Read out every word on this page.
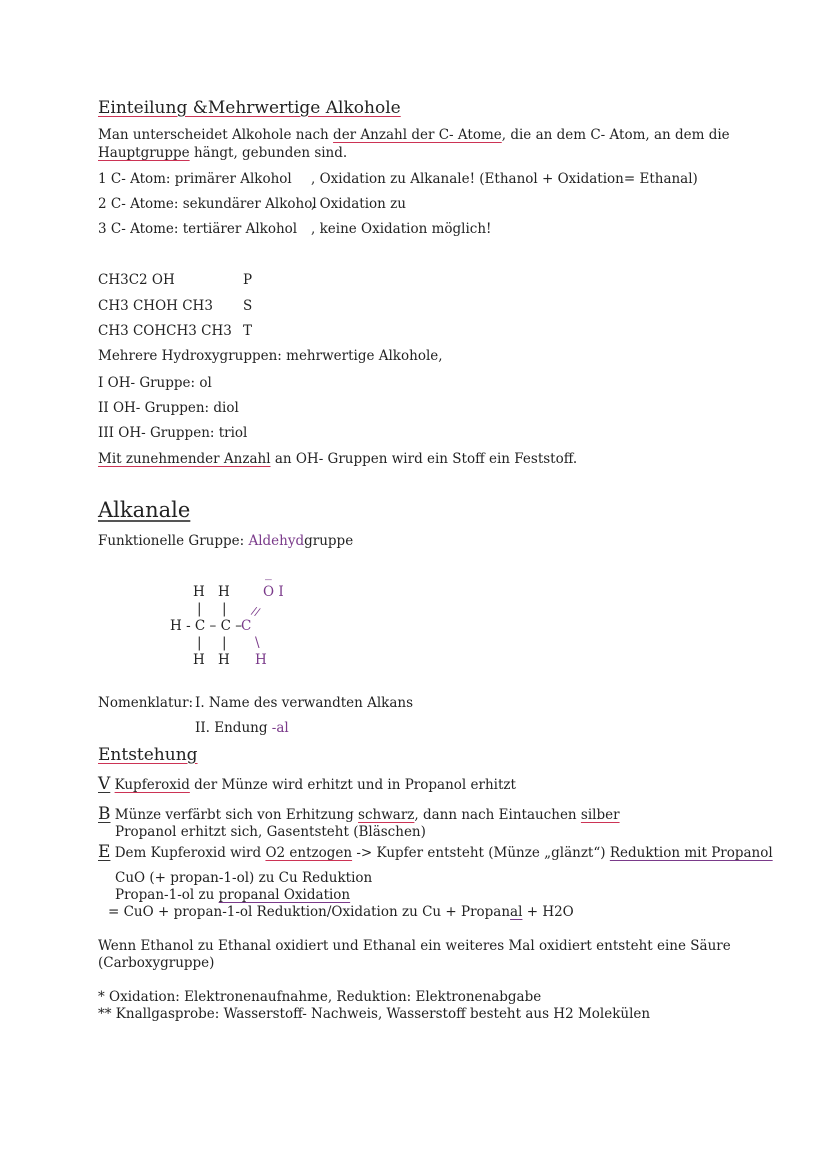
Einteilung &Mehrwertige Alkohole
Man unterscheidet Alkohole nach der Anzahl der C- Atome, die an dem C- Atom, an dem die
Hauptgruppe hängt, gebunden sind.
1 C- Atom: primärer Alkohol , Oxidation zu Alkanale! (Ethanol + Oxidation= Ethanal)
2 C- Atome: sekundärer Alkohol, Oxidation zu
3 C- Atome: tertiärer Alkohol , keine Oxidation möglich!
CH3C2 OH	P
CH3 CHOH CH3 S
CH3 COHCH3 CH3 T
Mehrere Hydroxygruppen: mehrwertige Alkohole,
I OH- Gruppe: ol
II OH- Gruppen: diol
III OH- Gruppen: triol
Mit zunehmender Anzahl an OH- Gruppen wird ein Stoff ein Feststoff.
Alkanale
Funktionelle Gruppe: Aldehydgruppe
_
H H O I
| | //
H - C – C – C
| | \
H H H
Nomenklatur: I. Name des verwandten Alkans
II. Endung -al
Entstehung
V Kupferoxid der Münze wird erhitzt und in Propanol erhitzt
B Münze verfärbt sich von Erhitzung schwarz, dann nach Eintauchen silber
Propanol erhitzt sich, Gasentsteht (Bläschen)
E Dem Kupferoxid wird O2 entzogen -> Kupfer entsteht (Münze „glänzt“) Reduktion mit Propanol
CuO (+ propan-1-ol) zu Cu Reduktion
Propan-1-ol zu propanal Oxidation
= CuO + propan-1-ol Reduktion/Oxidation zu Cu + Propanal + H2O
Wenn Ethanol zu Ethanal oxidiert und Ethanal ein weiteres Mal oxidiert entsteht eine Säure
(Carboxygruppe)
* Oxidation: Elektronenaufnahme, Reduktion: Elektronenabgabe
** Knallgasprobe: Wasserstoff- Nachweis, Wasserstoff besteht aus H2 Molekülen
